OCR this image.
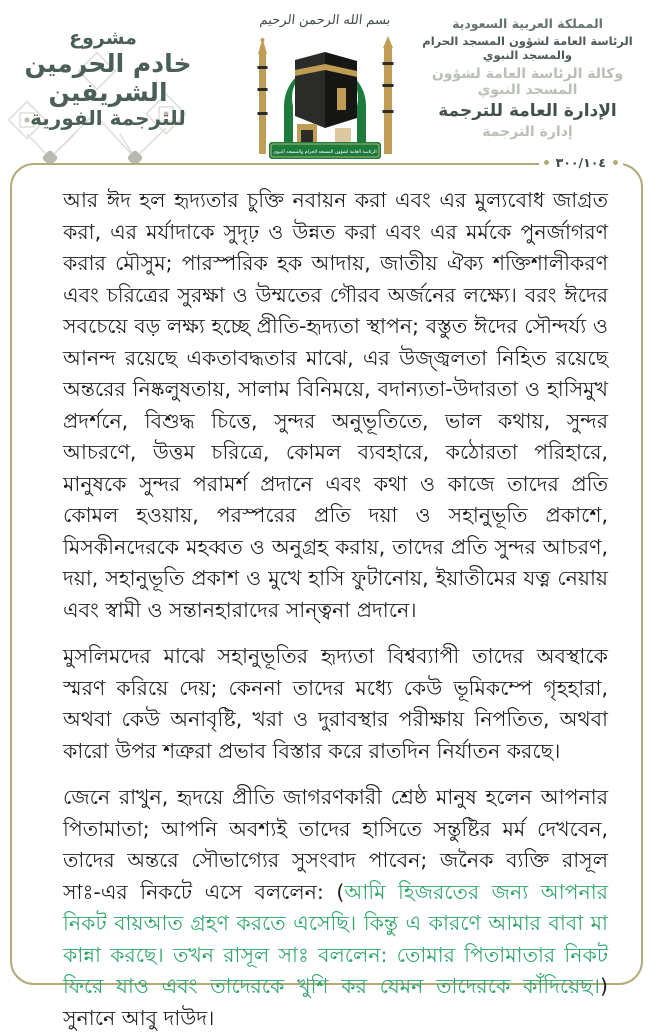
مشروع
خادم الحرمين الشريفين
للترجمة الفورية
بسم الله الرحمن الرحيم
الرئاسة العامة لشؤون المسجد الحرام والمسجد النبوي
المملكة العربية السعودية
الرئاسة العامة لشؤون المسجد الحرام والمسجد النبوي
وكالة الرئاسة العامة لشؤون المسجد النبوي
الإدارة العامة للترجمة
إدارة الترجمة
٣٠٠/١٠٤

আর ঈদ হল হৃদ্যতার চুক্তি নবায়ন করা এবং এর মুল্যবোধ জাগ্রত করা, এর মর্যাদাকে সুদৃঢ় ও উন্নত করা এবং এর মর্মকে পুনর্জাগরণ করার মৌসুম; পারস্পরিক হক আদায়, জাতীয় ঐক্য শক্তিশালীকরণ এবং চরিত্রের সুরক্ষা ও উম্মতের গৌরব অর্জনের লক্ষ্যে। বরং ঈদের সবচেয়ে বড় লক্ষ্য হচ্ছে প্রীতি-হৃদ্যতা স্থাপন; বস্তুত ঈদের সৌন্দর্য্য ও আনন্দ রয়েছে একতাবদ্ধতার মাঝে, এর উজ্জ্বলতা নিহিত রয়েছে অন্তরের নিষ্কলুষতায়, সালাম বিনিময়ে, বদান্যতা-উদারতা ও হাসিমুখ প্রদর্শনে, বিশুদ্ধ চিত্তে, সুন্দর অনুভূতিতে, ভাল কথায়, সুন্দর আচরণে, উত্তম চরিত্রে, কোমল ব্যবহারে, কঠোরতা পরিহারে, মানুষকে সুন্দর পরামর্শ প্রদানে এবং কথা ও কাজে তাদের প্রতি কোমল হওয়ায়, পরস্পরের প্রতি দয়া ও সহানুভূতি প্রকাশে, মিসকীনদেরকে মহব্বত ও অনুগ্রহ করায়, তাদের প্রতি সুন্দর আচরণ, দয়া, সহানুভূতি প্রকাশ ও মুখে হাসি ফুটানোয়, ইয়াতীমের যত্ন নেয়ায় এবং স্বামী ও সন্তানহারাদের সান্ত্বনা প্রদানে।

মুসলিমদের মাঝে সহানুভূতির হৃদ্যতা বিশ্বব্যাপী তাদের অবস্থাকে স্মরণ করিয়ে দেয়; কেননা তাদের মধ্যে কেউ ভূমিকম্পে গৃহহারা, অথবা কেউ অনাবৃষ্টি, খরা ও দুরাবস্থার পরীক্ষায় নিপতিত, অথবা কারো উপর শত্রুরা প্রভাব বিস্তার করে রাতদিন নির্যাতন করছে।

জেনে রাখুন, হৃদয়ে প্রীতি জাগরণকারী শ্রেষ্ঠ মানুষ হলেন আপনার পিতামাতা; আপনি অবশ্যই তাদের হাসিতে সন্তুষ্টির মর্ম দেখবেন, তাদের অন্তরে সৌভাগ্যের সুসংবাদ পাবেন; জনৈক ব্যক্তি রাসূল সাঃ-এর নিকটে এসে বললেন: (আমি হিজরতের জন্য আপনার নিকট বায়আত গ্রহণ করতে এসেছি। কিন্তু এ কারণে আমার বাবা মা কান্না করছে। তখন রাসূল সাঃ বললেন: তোমার পিতামাতার নিকট ফিরে যাও এবং তাদেরকে খুশি কর যেমন তাদেরকে কাঁদিয়েছ।) সুনানে আবু দাউদ।
